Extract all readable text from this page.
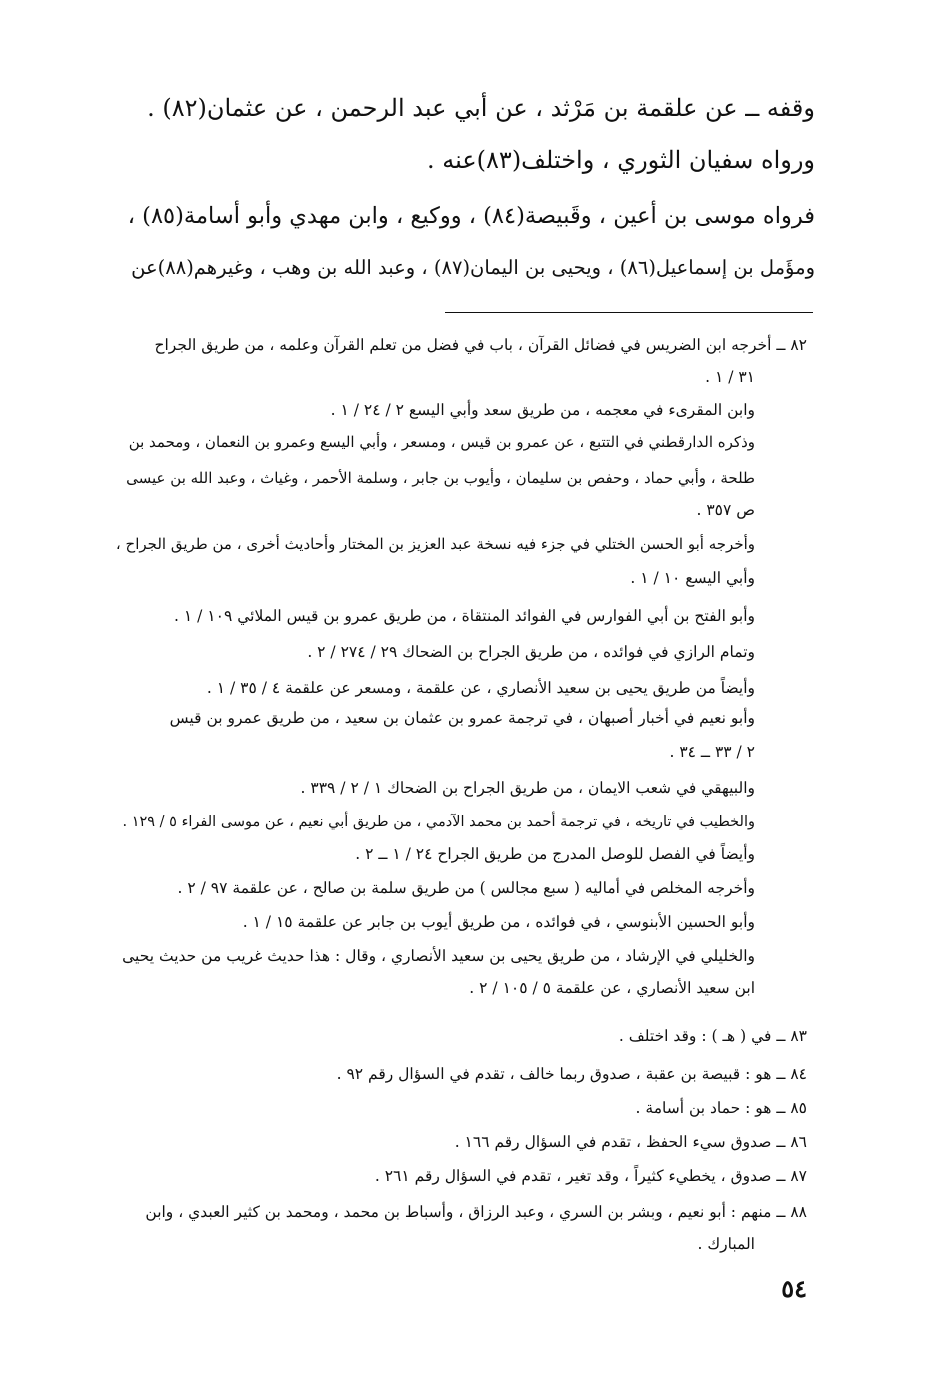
وقفه ــ عن علقمة بن مَرْثد ، عن أبي عبد الرحمن ، عن عثمان(٨٢) .
ورواه سفيان الثوري ، واختلف(٨٣)عنه .
فرواه موسى بن أعين ، وقَبيصة(٨٤) ، ووكيع ، وابن مهدي وأبو أسامة(٨٥) ،
ومؤَمل بن إسماعيل(٨٦) ، ويحيى بن اليمان(٨٧) ، وعبد الله بن وهب ، وغيرهم(٨٨)عن
٨٢ ــ أخرجه ابن الضريس في فضائل القرآن ، باب في فضل من تعلم القرآن وعلمه ، من طريق الجراح
٣١ / ١ .
وابن المقرىء في معجمه ، من طريق سعد وأبي اليسع ٢ / ٢٤ / ١ .
وذكره الدارقطني في التتبع ، عن عمرو بن قيس ، ومسعر ، وأبي اليسع وعمرو بن النعمان ، ومحمد بن
طلحة ، وأبي حماد ، وحفص بن سليمان ، وأيوب بن جابر ، وسلمة الأحمر ، وغياث ، وعبد الله بن عيسى
ص ٣٥٧ .
وأخرجه أبو الحسن الختلي في جزء فيه نسخة عبد العزيز بن المختار وأحاديث أخرى ، من طريق الجراح ،
وأبي اليسع ١٠ / ١ .
وأبو الفتح بن أبي الفوارس في الفوائد المنتقاة ، من طريق عمرو بن قيس الملائي ١٠٩ / ١ .
وتمام الرازي في فوائده ، من طريق الجراح بن الضحاك ٢٩ / ٢٧٤ / ٢ .
وأيضاً من طريق يحيى بن سعيد الأنصاري ، عن علقمة ، ومسعر عن علقمة ٤ / ٣٥ / ١ .
وأبو نعيم في أخبار أصبهان ، في ترجمة عمرو بن عثمان بن سعيد ، من طريق عمرو بن قيس
٢ / ٣٣ ــ ٣٤ .
والبيهقي في شعب الايمان ، من طريق الجراح بن الضحاك ١ / ٢ / ٣٣٩ .
والخطيب في تاريخه ، في ترجمة أحمد بن محمد الآدمي ، من طريق أبي نعيم ، عن موسى الفراء ٥ / ١٢٩ .
وأيضاً في الفصل للوصل المدرج من طريق الجراح ٢٤ / ١ ــ ٢ .
وأخرجه المخلص في أماليه ( سبع مجالس ) من طريق سلمة بن صالح ، عن علقمة ٩٧ / ٢ .
وأبو الحسين الأبنوسي ، في فوائده ، من طريق أيوب بن جابر عن علقمة ١٥ / ١ .
والخليلي في الإرشاد ، من طريق يحيى بن سعيد الأنصاري ، وقال : هذا حديث غريب من حديث يحيى
ابن سعيد الأنصاري ، عن علقمة ٥ / ١٠٥ / ٢ .
٨٣ ــ في ( هـ ) : وقد اختلف .
٨٤ ــ هو : قبيصة بن عقبة ، صدوق ربما خالف ، تقدم في السؤال رقم ٩٢ .
٨٥ ــ هو : حماد بن أسامة .
٨٦ ــ صدوق سيء الحفظ ، تقدم في السؤال رقم ١٦٦ .
٨٧ ــ صدوق ، يخطيء كثيراً ، وقد تغير ، تقدم في السؤال رقم ٢٦١ .
٨٨ ــ منهم : أبو نعيم ، وبشر بن السري ، وعبد الرزاق ، وأسباط بن محمد ، ومحمد بن كثير العبدي ، وابن
المبارك .
٥٤
